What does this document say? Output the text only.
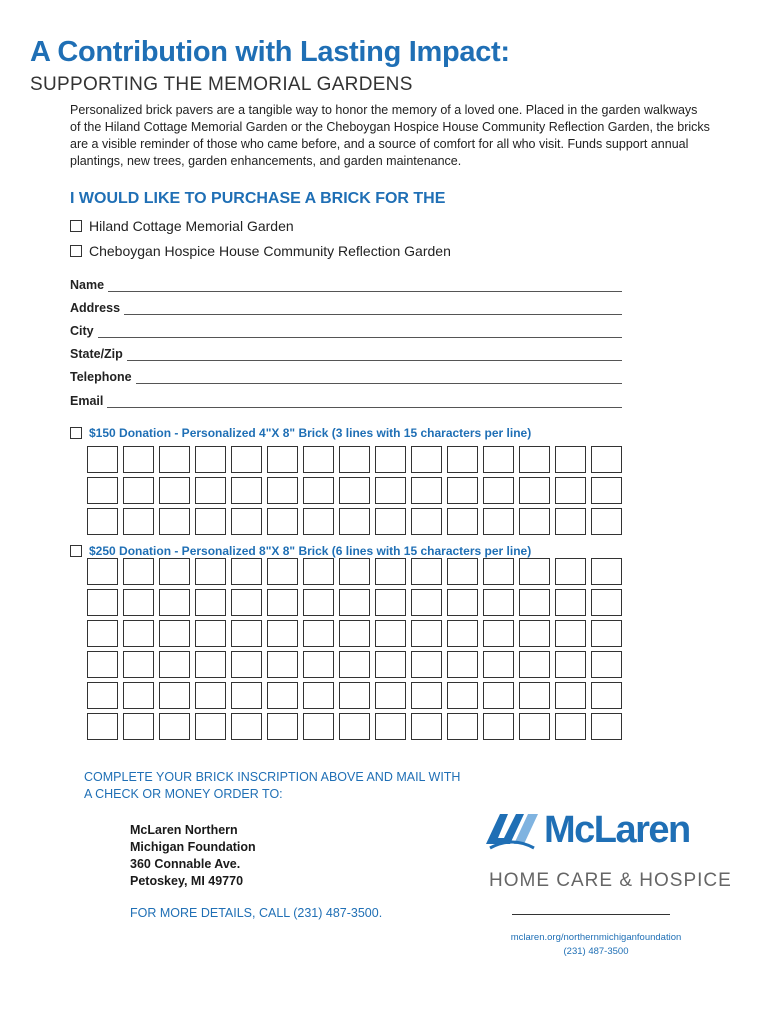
A Contribution with Lasting Impact:
SUPPORTING THE MEMORIAL GARDENS
Personalized brick pavers are a tangible way to honor the memory of a loved one. Placed in the garden walkways of the Hiland Cottage Memorial Garden or the Cheboygan Hospice House Community Reflection Garden, the bricks are a visible reminder of those who came before, and a source of comfort for all who visit. Funds support annual plantings, new trees, garden enhancements, and garden maintenance.
I WOULD LIKE TO PURCHASE A BRICK FOR THE
Hiland Cottage Memorial Garden
Cheboygan Hospice House Community Reflection Garden
Name
Address
City
State/Zip
Telephone
Email
$150 Donation - Personalized 4"X 8" Brick (3 lines with 15 characters per line)
$250 Donation - Personalized 8"X 8" Brick (6 lines with 15 characters per line)
COMPLETE YOUR BRICK INSCRIPTION ABOVE AND MAIL WITH
A CHECK OR MONEY ORDER TO:
McLaren Northern
Michigan Foundation
360 Connable Ave.
Petoskey, MI 49770
FOR MORE DETAILS, CALL (231) 487-3500.
McLaren
HOME CARE & HOSPICE
mclaren.org/northernmichiganfoundation
(231) 487-3500
